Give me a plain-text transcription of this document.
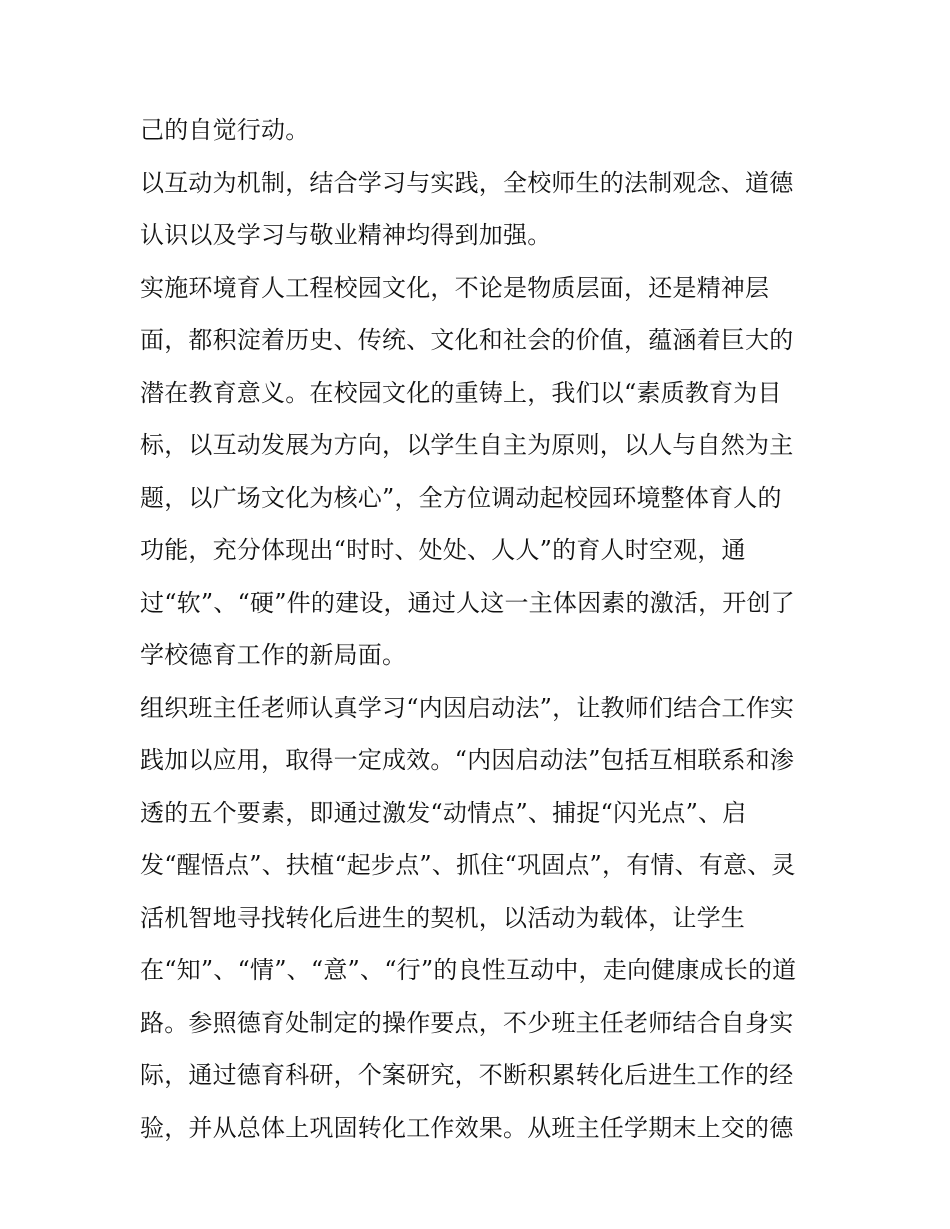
己的自觉行动。
以互动为机制，结合学习与实践，全校师生的法制观念、道德
认识以及学习与敬业精神均得到加强。
实施环境育人工程校园文化，不论是物质层面，还是精神层
面，都积淀着历史、传统、文化和社会的价值，蕴涵着巨大的
潜在教育意义。在校园文化的重铸上，我们以“素质教育为目
标，以互动发展为方向，以学生自主为原则，以人与自然为主
题，以广场文化为核心”，全方位调动起校园环境整体育人的
功能，充分体现出“时时、处处、人人”的育人时空观，通
过“软”、“硬”件的建设，通过人这一主体因素的激活，开创了
学校德育工作的新局面。
组织班主任老师认真学习“内因启动法”，让教师们结合工作实
践加以应用，取得一定成效。“内因启动法”包括互相联系和渗
透的五个要素，即通过激发“动情点”、捕捉“闪光点”、启
发“醒悟点”、扶植“起步点”、抓住“巩固点”，有情、有意、灵
活机智地寻找转化后进生的契机，以活动为载体，让学生
在“知”、“情”、“意”、“行”的良性互动中，走向健康成长的道
路。参照德育处制定的操作要点，不少班主任老师结合自身实
际，通过德育科研，个案研究，不断积累转化后进生工作的经
验，并从总体上巩固转化工作效果。从班主任学期末上交的德
